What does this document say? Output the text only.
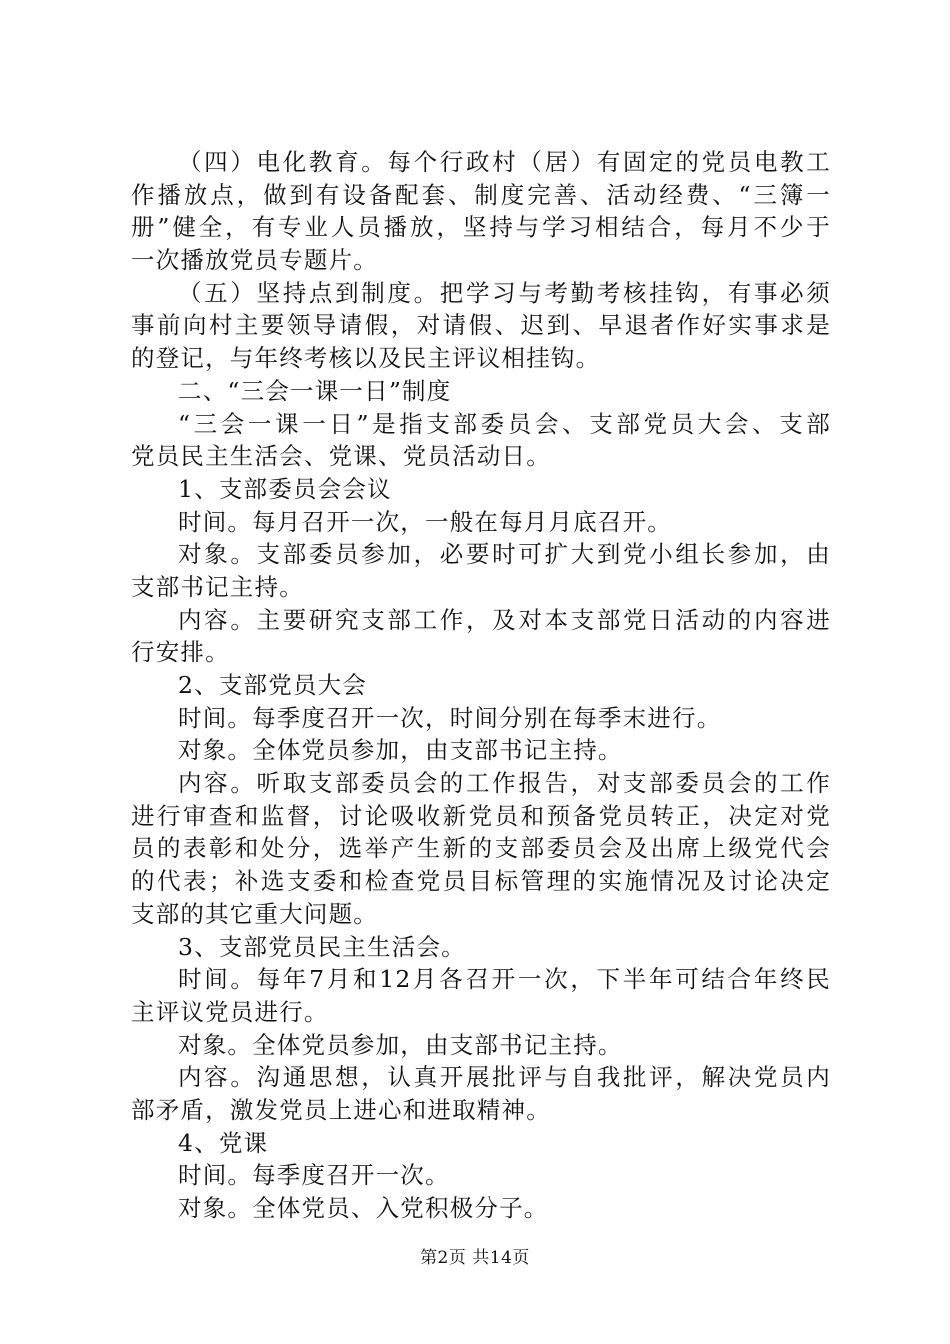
（四）电化教育。每个行政村（居）有固定的党员电教工
作播放点，做到有设备配套、制度完善、活动经费、“三簿一
册”健全，有专业人员播放，坚持与学习相结合，每月不少于
一次播放党员专题片。
（五）坚持点到制度。把学习与考勤考核挂钩，有事必须
事前向村主要领导请假，对请假、迟到、早退者作好实事求是
的登记，与年终考核以及民主评议相挂钩。
二、“三会一课一日”制度
“三会一课一日”是指支部委员会、支部党员大会、支部
党员民主生活会、党课、党员活动日。
1、支部委员会会议
时间。每月召开一次，一般在每月月底召开。
对象。支部委员参加，必要时可扩大到党小组长参加，由
支部书记主持。
内容。主要研究支部工作，及对本支部党日活动的内容进
行安排。
2、支部党员大会
时间。每季度召开一次，时间分别在每季末进行。
对象。全体党员参加，由支部书记主持。
内容。听取支部委员会的工作报告，对支部委员会的工作
进行审查和监督，讨论吸收新党员和预备党员转正，决定对党
员的表彰和处分，选举产生新的支部委员会及出席上级党代会
的代表；补选支委和检查党员目标管理的实施情况及讨论决定
支部的其它重大问题。
3、支部党员民主生活会。
时间。每年7月和12月各召开一次，下半年可结合年终民
主评议党员进行。
对象。全体党员参加，由支部书记主持。
内容。沟通思想，认真开展批评与自我批评，解决党员内
部矛盾，激发党员上进心和进取精神。
4、党课
时间。每季度召开一次。
对象。全体党员、入党积极分子。
第2页 共14页
